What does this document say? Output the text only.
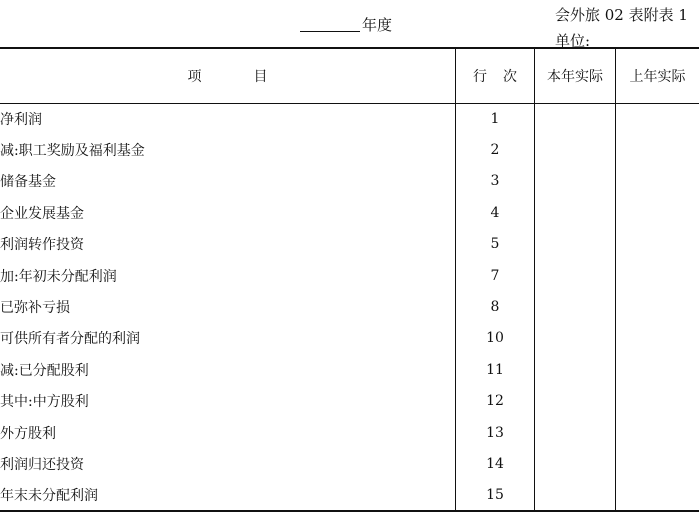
年度
会外旅 02 表附表 1
单位:
项 目	行 次	本年实际	上年实际
净利润	1		
减:职工奖励及福利基金	2		
储备基金	3		
企业发展基金	4		
利润转作投资	5		
加:年初未分配利润	7		
已弥补亏损	8		
可供所有者分配的利润	10		
减:已分配股利	11		
其中:中方股利	12		
外方股利	13		
利润归还投资	14		
年末未分配利润	15		
